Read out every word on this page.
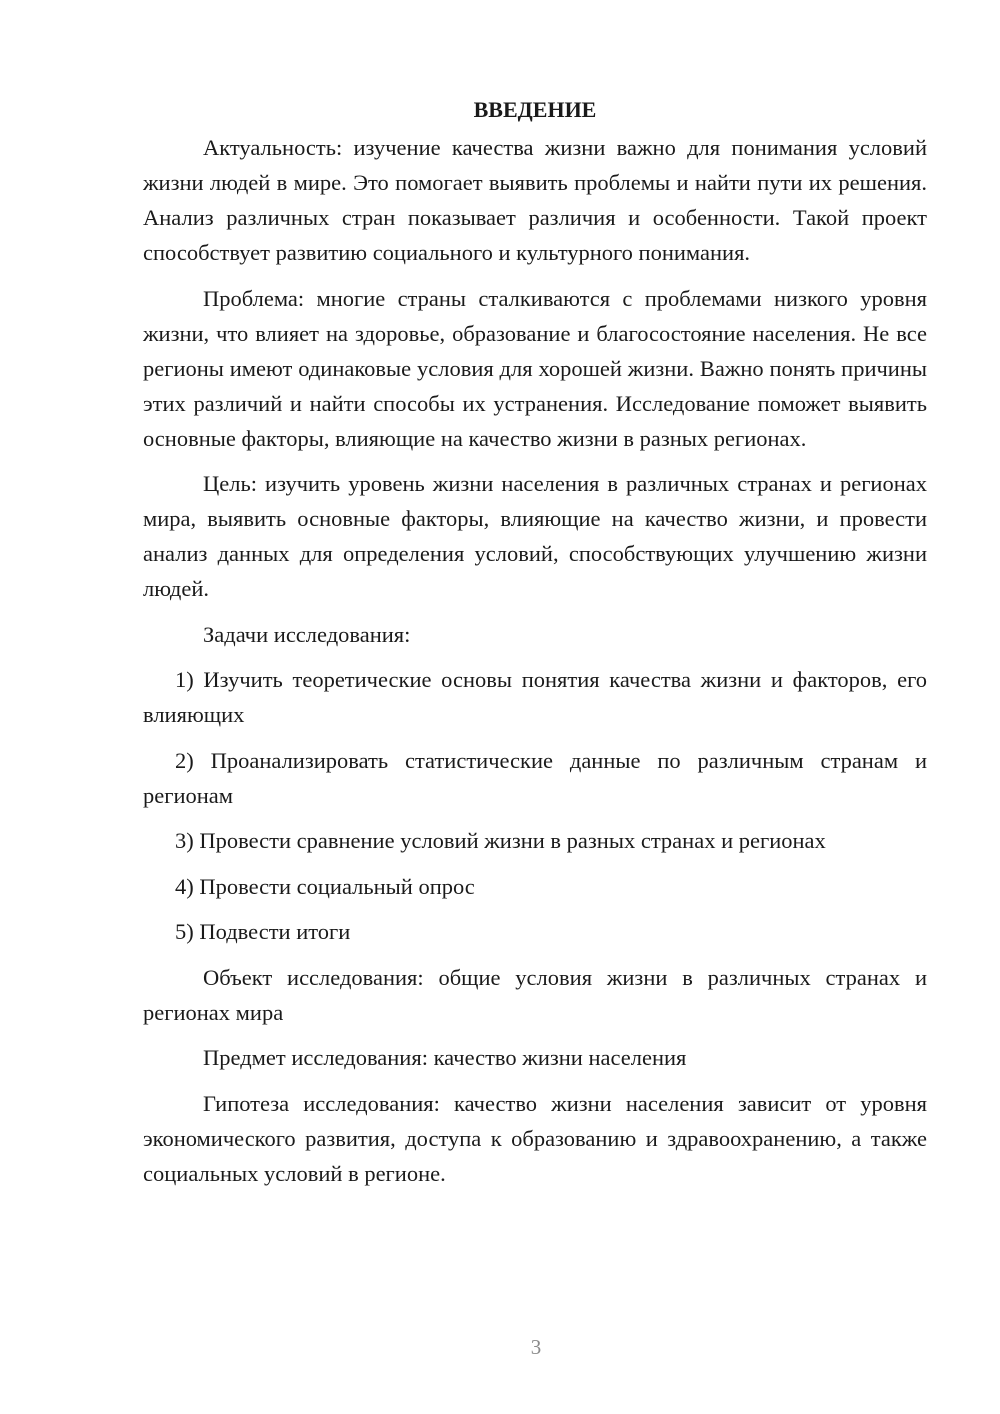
ВВЕДЕНИЕ

Актуальность: изучение качества жизни важно для понимания условий жизни людей в мире. Это помогает выявить проблемы и найти пути их решения. Анализ различных стран показывает различия и особенности. Такой проект способствует развитию социального и культурного понимания.

Проблема: многие страны сталкиваются с проблемами низкого уровня жизни, что влияет на здоровье, образование и благосостояние населения. Не все регионы имеют одинаковые условия для хорошей жизни. Важно понять причины этих различий и найти способы их устранения. Исследование поможет выявить основные факторы, влияющие на качество жизни в разных регионах.

Цель: изучить уровень жизни населения в различных странах и регионах мира, выявить основные факторы, влияющие на качество жизни, и провести анализ данных для определения условий, способствующих улучшению жизни людей.

Задачи исследования:

1) Изучить теоретические основы понятия качества жизни и факторов, его влияющих

2) Проанализировать статистические данные по различным странам и регионам

3) Провести сравнение условий жизни в разных странах и регионах

4) Провести социальный опрос

5) Подвести итоги

Объект исследования: общие условия жизни в различных странах и регионах мира

Предмет исследования: качество жизни населения

Гипотеза исследования: качество жизни населения зависит от уровня экономического развития, доступа к образованию и здравоохранению, а также социальных условий в регионе.

3
